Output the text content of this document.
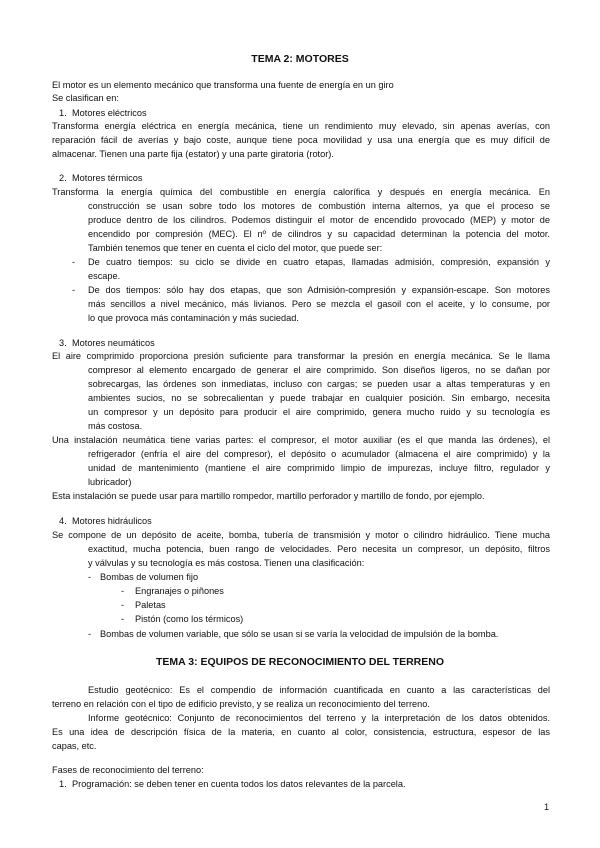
TEMA 2: MOTORES
El motor es un elemento mecánico que transforma una fuente de energía en un giro
Se clasifican en:
1. Motores eléctricos
Transforma energía eléctrica en energía mecánica, tiene un rendimiento muy elevado, sin apenas averías, con
reparación fácil de averías y bajo coste, aunque tiene poca movilidad y usa una energía que es muy difícil de
almacenar. Tienen una parte fija (estator) y una parte giratoria (rotor).
2. Motores térmicos
Transforma la energía química del combustible en energía calorífica y después en energía mecánica. En
construcción se usan sobre todo los motores de combustión interna alternos, ya que el proceso se
produce dentro de los cilindros. Podemos distinguir el motor de encendido provocado (MEP) y motor de
encendido por compresión (MEC). El nº de cilindros y su capacidad determinan la potencia del motor.
También tenemos que tener en cuenta el ciclo del motor, que puede ser:
- De cuatro tiempos: su ciclo se divide en cuatro etapas, llamadas admisión, compresión, expansión y
escape.
- De dos tiempos: sólo hay dos etapas, que son Admisión-compresión y expansión-escape. Son motores
más sencillos a nivel mecánico, más livianos. Pero se mezcla el gasoil con el aceite, y lo consume, por
lo que provoca más contaminación y más suciedad.
3. Motores neumáticos
El aire comprimido proporciona presión suficiente para transformar la presión en energía mecánica. Se le llama
compresor al elemento encargado de generar el aire comprimido. Son diseños ligeros, no se dañan por
sobrecargas, las órdenes son inmediatas, incluso con cargas; se pueden usar a altas temperaturas y en
ambientes sucios, no se sobrecalientan y puede trabajar en cualquier posición. Sin embargo, necesita
un compresor y un depósito para producir el aire comprimido, genera mucho ruido y su tecnología es
más costosa.
Una instalación neumática tiene varias partes: el compresor, el motor auxiliar (es el que manda las órdenes), el
refrigerador (enfría el aire del compresor), el depósito o acumulador (almacena el aire comprimido) y la
unidad de mantenimiento (mantiene el aire comprimido limpio de impurezas, incluye filtro, regulador y
lubricador)
Esta instalación se puede usar para martillo rompedor, martillo perforador y martillo de fondo, por ejemplo.
4. Motores hidráulicos
Se compone de un depósito de aceite, bomba, tubería de transmisión y motor o cilindro hidráulico. Tiene mucha
exactitud, mucha potencia, buen rango de velocidades. Pero necesita un compresor, un depósito, filtros
y válvulas y su tecnología es más costosa. Tienen una clasificación:
- Bombas de volumen fijo
- Engranajes o piñones
- Paletas
- Pistón (como los térmicos)
- Bombas de volumen variable, que sólo se usan si se varía la velocidad de impulsión de la bomba.
TEMA 3: EQUIPOS DE RECONOCIMIENTO DEL TERRENO
Estudio geotécnico: Es el compendio de información cuantificada en cuanto a las características del
terreno en relación con el tipo de edificio previsto, y se realiza un reconocimiento del terreno.
Informe geotécnico: Conjunto de reconocimientos del terreno y la interpretación de los datos obtenidos.
Es una idea de descripción física de la materia, en cuanto al color, consistencia, estructura, espesor de las
capas, etc.
Fases de reconocimiento del terreno:
1. Programación: se deben tener en cuenta todos los datos relevantes de la parcela.
1
